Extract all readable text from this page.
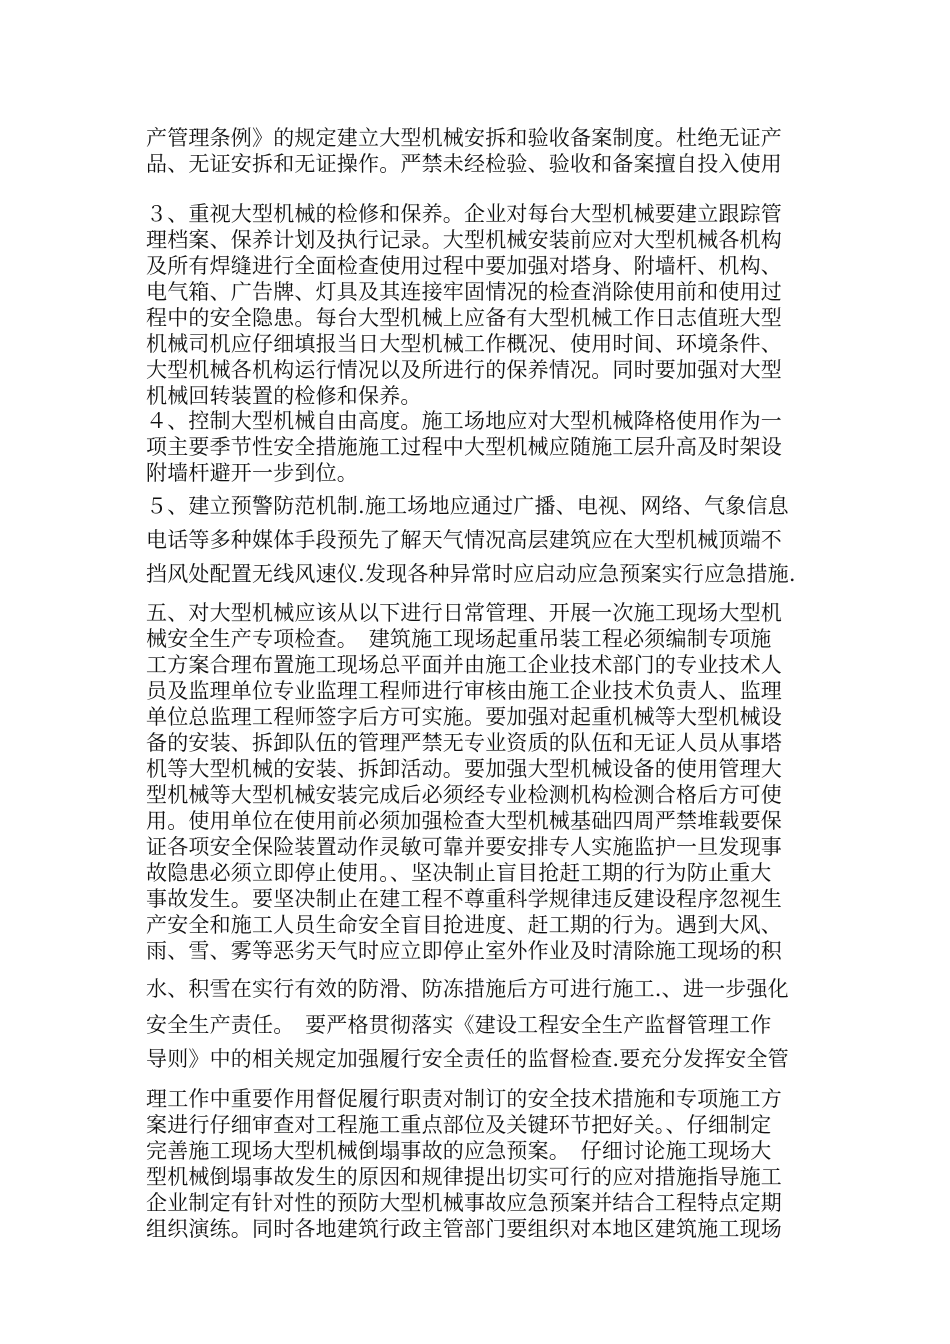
产管理条例》的规定建立大型机械安拆和验收备案制度。杜绝无证产
品、无证安拆和无证操作。严禁未经检验、验收和备案擅自投入使用
３、重视大型机械的检修和保养。企业对每台大型机械要建立跟踪管
理档案、保养计划及执行记录。大型机械安装前应对大型机械各机构
及所有焊缝进行全面检查使用过程中要加强对塔身、附墙杆、机构、
电气箱、广告牌、灯具及其连接牢固情况的检查消除使用前和使用过
程中的安全隐患。每台大型机械上应备有大型机械工作日志值班大型
机械司机应仔细填报当日大型机械工作概况、使用时间、环境条件、
大型机械各机构运行情况以及所进行的保养情况。同时要加强对大型
机械回转装置的检修和保养。
４、控制大型机械自由高度。施工场地应对大型机械降格使用作为一
项主要季节性安全措施施工过程中大型机械应随施工层升高及时架设
附墙杆避开一步到位。
５、建立预警防范机制.施工场地应通过广播、电视、网络、气象信息
电话等多种媒体手段预先了解天气情况高层建筑应在大型机械顶端不
挡风处配置无线风速仪.发现各种异常时应启动应急预案实行应急措施.
五、对大型机械应该从以下进行日常管理、开展一次施工现场大型机
械安全生产专项检查。　建筑施工现场起重吊装工程必须编制专项施
工方案合理布置施工现场总平面并由施工企业技术部门的专业技术人
员及监理单位专业监理工程师进行审核由施工企业技术负责人、监理
单位总监理工程师签字后方可实施。要加强对起重机械等大型机械设
备的安装、拆卸队伍的管理严禁无专业资质的队伍和无证人员从事塔
机等大型机械的安装、拆卸活动。要加强大型机械设备的使用管理大
型机械等大型机械安装完成后必须经专业检测机构检测合格后方可使
用。使用单位在使用前必须加强检查大型机械基础四周严禁堆载要保
证各项安全保险装置动作灵敏可靠并要安排专人实施监护一旦发现事
故隐患必须立即停止使用。、坚决制止盲目抢赶工期的行为防止重大
事故发生。要坚决制止在建工程不尊重科学规律违反建设程序忽视生
产安全和施工人员生命安全盲目抢进度、赶工期的行为。遇到大风、
雨、雪、雾等恶劣天气时应立即停止室外作业及时清除施工现场的积
水、积雪在实行有效的防滑、防冻措施后方可进行施工.、进一步强化
安全生产责任。　要严格贯彻落实《建设工程安全生产监督管理工作
导则》中的相关规定加强履行安全责任的监督检查.要充分发挥安全管
理工作中重要作用督促履行职责对制订的安全技术措施和专项施工方
案进行仔细审查对工程施工重点部位及关键环节把好关。、仔细制定
完善施工现场大型机械倒塌事故的应急预案。　仔细讨论施工现场大
型机械倒塌事故发生的原因和规律提出切实可行的应对措施指导施工
企业制定有针对性的预防大型机械事故应急预案并结合工程特点定期
组织演练。同时各地建筑行政主管部门要组织对本地区建筑施工现场
